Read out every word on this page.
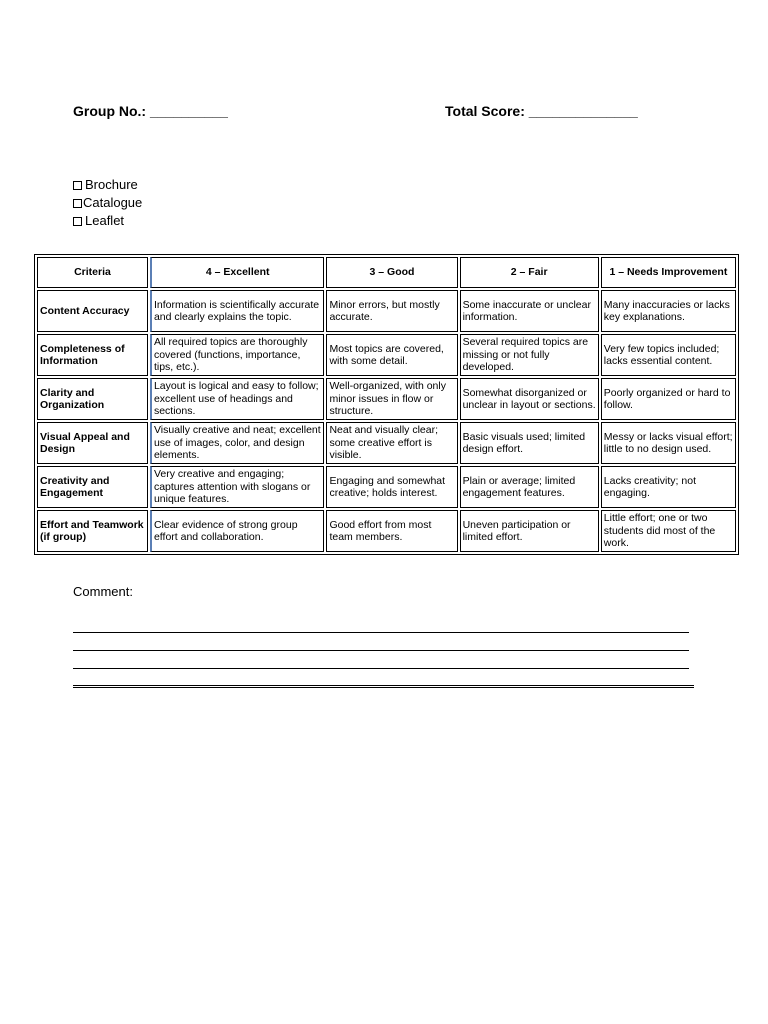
Group No.: __________	Total Score: ______________
Brochure
Catalogue
Leaflet
Criteria	4 – Excellent	3 – Good	2 – Fair	1 – Needs Improvement
Content Accuracy	Information is scientifically accurate and clearly explains the topic.	Minor errors, but mostly accurate.	Some inaccurate or unclear information.	Many inaccuracies or lacks key explanations.
Completeness of Information	All required topics are thoroughly covered (functions, importance, tips, etc.).	Most topics are covered, with some detail.	Several required topics are missing or not fully developed.	Very few topics included; lacks essential content.
Clarity and Organization	Layout is logical and easy to follow; excellent use of headings and sections.	Well-organized, with only minor issues in flow or structure.	Somewhat disorganized or unclear in layout or sections.	Poorly organized or hard to follow.
Visual Appeal and Design	Visually creative and neat; excellent use of images, color, and design elements.	Neat and visually clear; some creative effort is visible.	Basic visuals used; limited design effort.	Messy or lacks visual effort; little to no design used.
Creativity and Engagement	Very creative and engaging; captures attention with slogans or unique features.	Engaging and somewhat creative; holds interest.	Plain or average; limited engagement features.	Lacks creativity; not engaging.
Effort and Teamwork (if group)	Clear evidence of strong group effort and collaboration.	Good effort from most team members.	Uneven participation or limited effort.	Little effort; one or two students did most of the work.
Comment:
